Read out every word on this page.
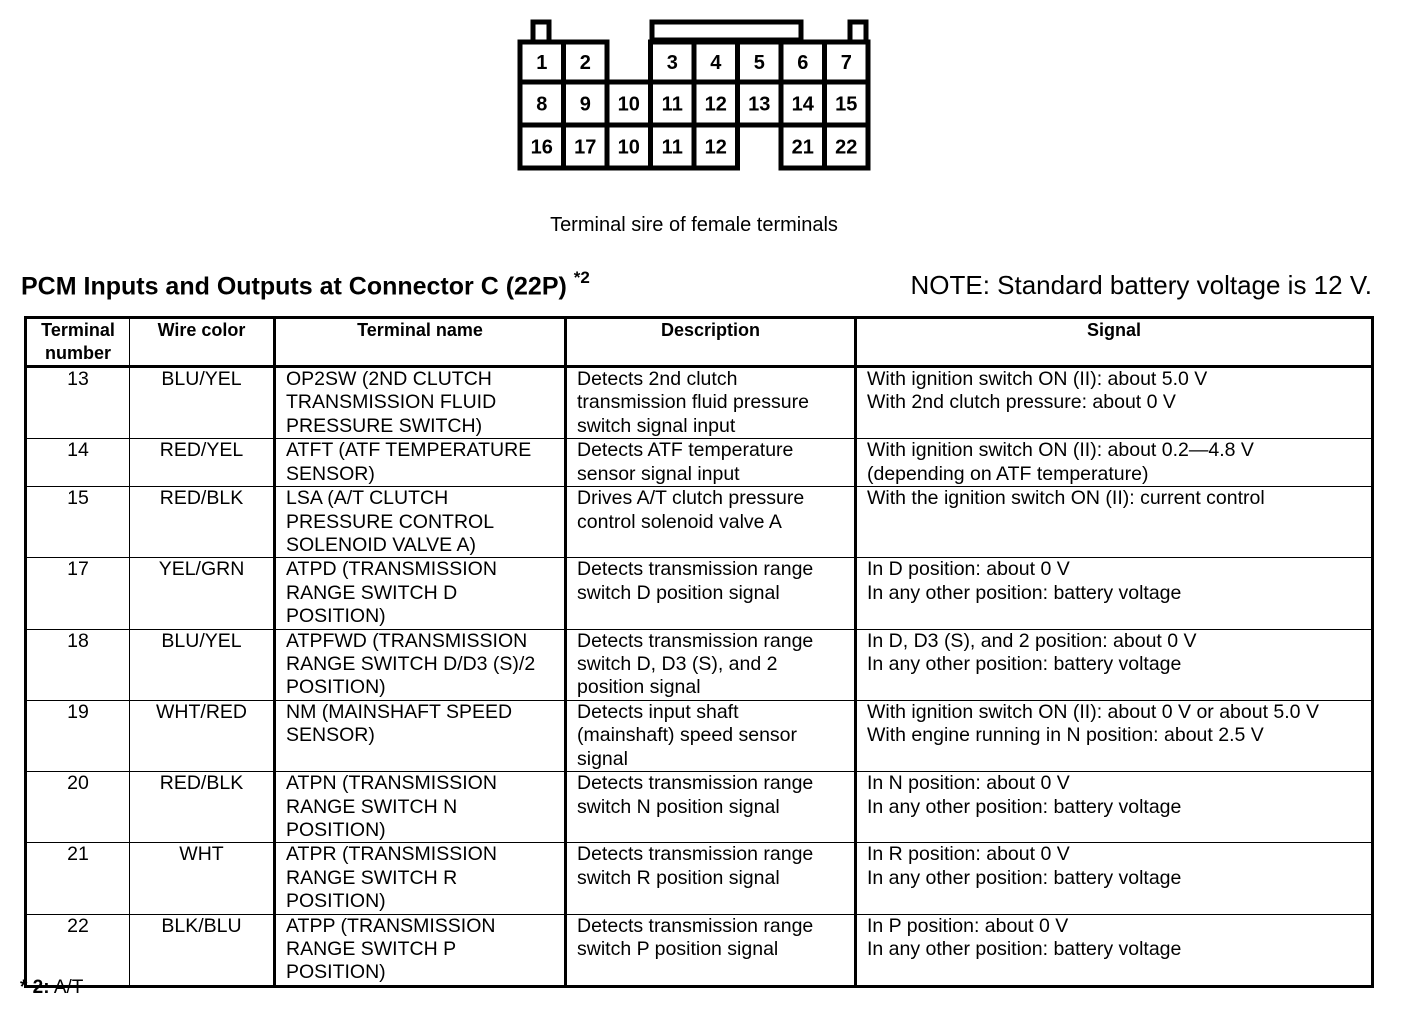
1 2	3 4 5 6 7
8 9 10 11 12 13 14 15
16 17 10 11 12	21 22
Terminal sire of female terminals
PCM Inputs and Outputs at Connector C (22P) $^{*2}$	NOTE: Standard battery voltage is 12 V.
Terminal
number	Wire color	Terminal name	Description	Signal
13	BLU/YEL	OP2SW (2ND CLUTCH
TRANSMISSION FLUID
PRESSURE SWITCH)	Detects 2nd clutch
transmission fluid pressure
switch signal input	With ignition switch ON (II): about 5.0 V
With 2nd clutch pressure: about 0 V

14	RED/YEL	ATFT (ATF TEMPERATURE
SENSOR)	Detects ATF temperature
sensor signal input	With ignition switch ON (II): about 0.2—4.8 V
(depending on ATF temperature)

15	RED/BLK	LSA (A/T CLUTCH
PRESSURE CONTROL
SOLENOID VALVE A)	Drives A/T clutch pressure
control solenoid valve A	With the ignition switch ON (II): current control

17	YEL/GRN	ATPD (TRANSMISSION
RANGE SWITCH D
POSITION)	Detects transmission range
switch D position signal	In D position: about 0 V
In any other position: battery voltage

18	BLU/YEL	ATPFWD (TRANSMISSION
RANGE SWITCH D/D3 (S)/2
POSITION)	Detects transmission range
switch D, D3 (S), and 2
position signal	In D, D3 (S), and 2 position: about 0 V
In any other position: battery voltage

19	WHT/RED	NM (MAINSHAFT SPEED
SENSOR)	Detects input shaft
(mainshaft) speed sensor
signal	With ignition switch ON (II): about 0 V or about 5.0 V
With engine running in N position: about 2.5 V

20	RED/BLK	ATPN (TRANSMISSION
RANGE SWITCH N
POSITION)	Detects transmission range
switch N position signal	In N position: about 0 V
In any other position: battery voltage

21	WHT	ATPR (TRANSMISSION
RANGE SWITCH R
POSITION)	Detects transmission range
switch R position signal	In R position: about 0 V
In any other position: battery voltage

22	BLK/BLU	ATPP (TRANSMISSION
RANGE SWITCH P
POSITION)	Detects transmission range
switch P position signal	In P position: about 0 V
In any other position: battery voltage
* 2: A/T
